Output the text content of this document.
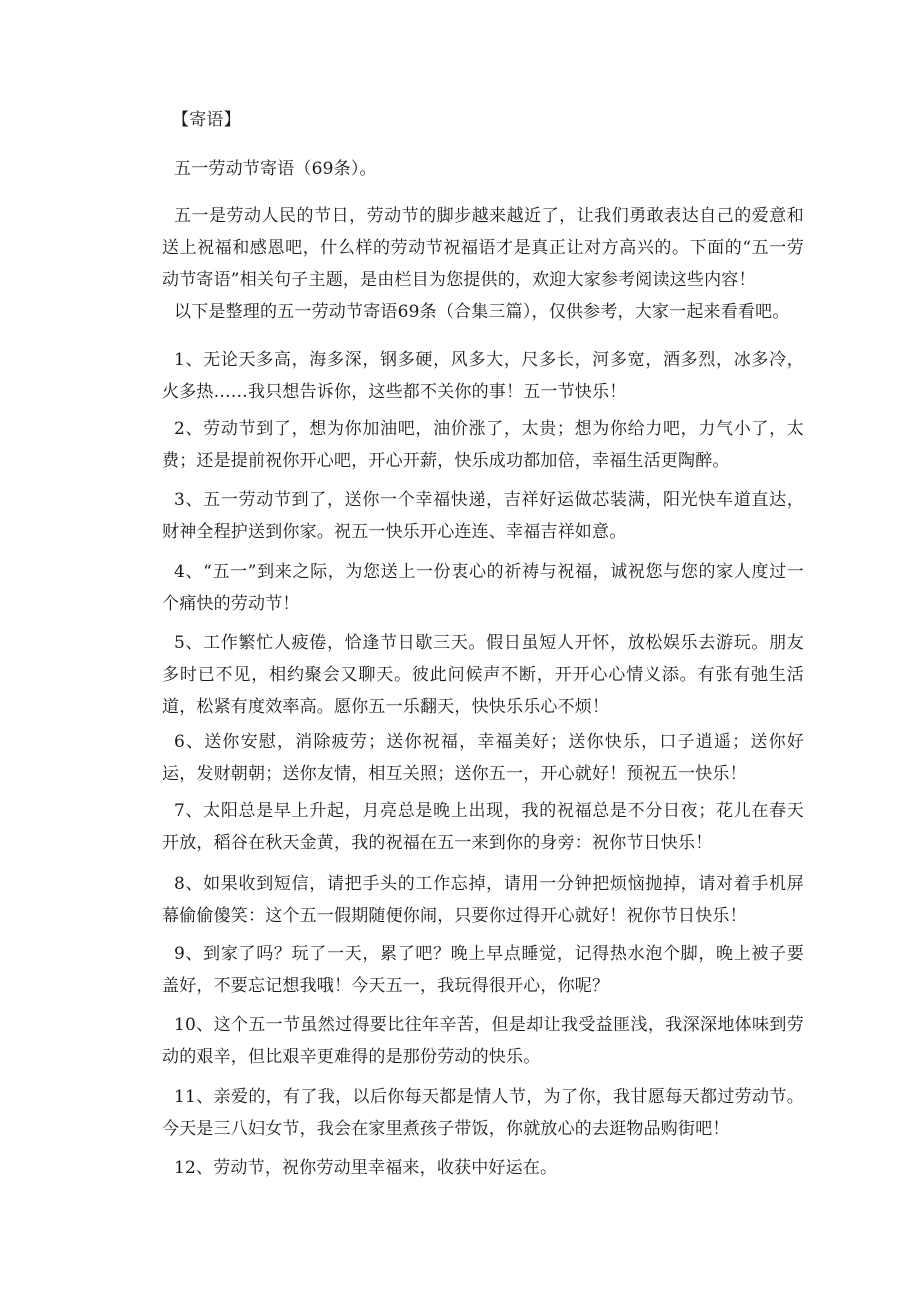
【寄语】

五一劳动节寄语（69条）。

五一是劳动人民的节日，劳动节的脚步越来越近了，让我们勇敢表达自己的爱意和送上祝福和感恩吧，什么样的劳动节祝福语才是真正让对方高兴的。下面的“五一劳动节寄语”相关句子主题，是由栏目为您提供的，欢迎大家参考阅读这些内容！

以下是整理的五一劳动节寄语69条（合集三篇），仅供参考，大家一起来看看吧。

1、无论天多高，海多深，钢多硬，风多大，尺多长，河多宽，酒多烈，冰多冷，火多热……我只想告诉你，这些都不关你的事！五一节快乐！

2、劳动节到了，想为你加油吧，油价涨了，太贵；想为你给力吧，力气小了，太费；还是提前祝你开心吧，开心开薪，快乐成功都加倍，幸福生活更陶醉。

3、五一劳动节到了，送你一个幸福快递，吉祥好运做芯装满，阳光快车道直达，财神全程护送到你家。祝五一快乐开心连连、幸福吉祥如意。

4、“五一”到来之际，为您送上一份衷心的祈祷与祝福，诚祝您与您的家人度过一个痛快的劳动节！

5、工作繁忙人疲倦，恰逢节日歇三天。假日虽短人开怀，放松娱乐去游玩。朋友多时已不见，相约聚会又聊天。彼此问候声不断，开开心心情义添。有张有弛生活道，松紧有度效率高。愿你五一乐翻天，快快乐乐心不烦！

6、送你安慰，消除疲劳；送你祝福，幸福美好；送你快乐，口子逍遥；送你好运，发财朝朝；送你友情，相互关照；送你五一，开心就好！预祝五一快乐！

7、太阳总是早上升起，月亮总是晚上出现，我的祝福总是不分日夜；花儿在春天开放，稻谷在秋天金黄，我的祝福在五一来到你的身旁：祝你节日快乐！

8、如果收到短信，请把手头的工作忘掉，请用一分钟把烦恼抛掉，请对着手机屏幕偷偷傻笑：这个五一假期随便你闹，只要你过得开心就好！祝你节日快乐！

9、到家了吗？玩了一天，累了吧？晚上早点睡觉，记得热水泡个脚，晚上被子要盖好，不要忘记想我哦！今天五一，我玩得很开心，你呢？

10、这个五一节虽然过得要比往年辛苦，但是却让我受益匪浅，我深深地体味到劳动的艰辛，但比艰辛更难得的是那份劳动的快乐。

11、亲爱的，有了我，以后你每天都是情人节，为了你，我甘愿每天都过劳动节。今天是三八妇女节，我会在家里煮孩子带饭，你就放心的去逛物品购街吧！

12、劳动节，祝你劳动里幸福来，收获中好运在。
